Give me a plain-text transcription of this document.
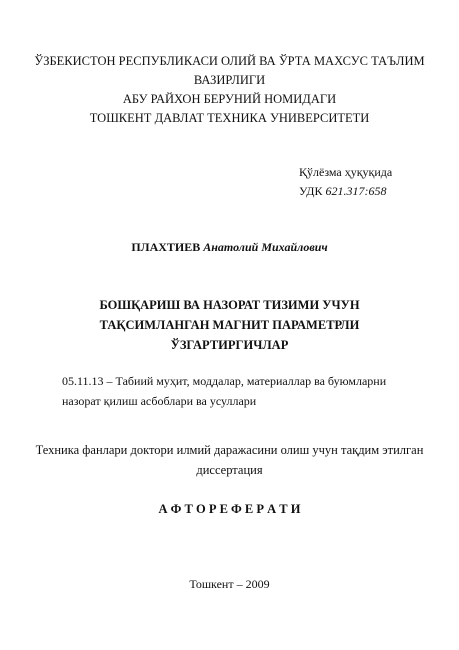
ЎЗБЕКИСТОН РЕСПУБЛИКАСИ ОЛИЙ ВА ЎРТА МАХСУС ТАЪЛИМ
ВАЗИРЛИГИ
АБУ РАЙХОН БЕРУНИЙ НОМИДАГИ
ТОШКЕНТ ДАВЛАТ ТЕХНИКА УНИВЕРСИТЕТИ
Қўлёзма ҳуқуқида
УДК 621.317:658
ПЛАХТИЕВ Анатолий Михайлович
БОШҚАРИШ ВА НАЗОРАТ ТИЗИМИ УЧУН
ТАҚСИМЛАНГАН МАГНИТ ПАРАМЕТРЛИ
ЎЗГАРТИРГИЧЛАР
05.11.13 – Табиий муҳит, моддалар, материаллар ва буюмларни назорат қилиш асбоблари ва усуллари
Техника фанлари доктори илмий даражасини олиш учун тақдим этилган
диссертация
А Ф Т О Р Е Ф Е Р А Т И
Тошкент – 2009
